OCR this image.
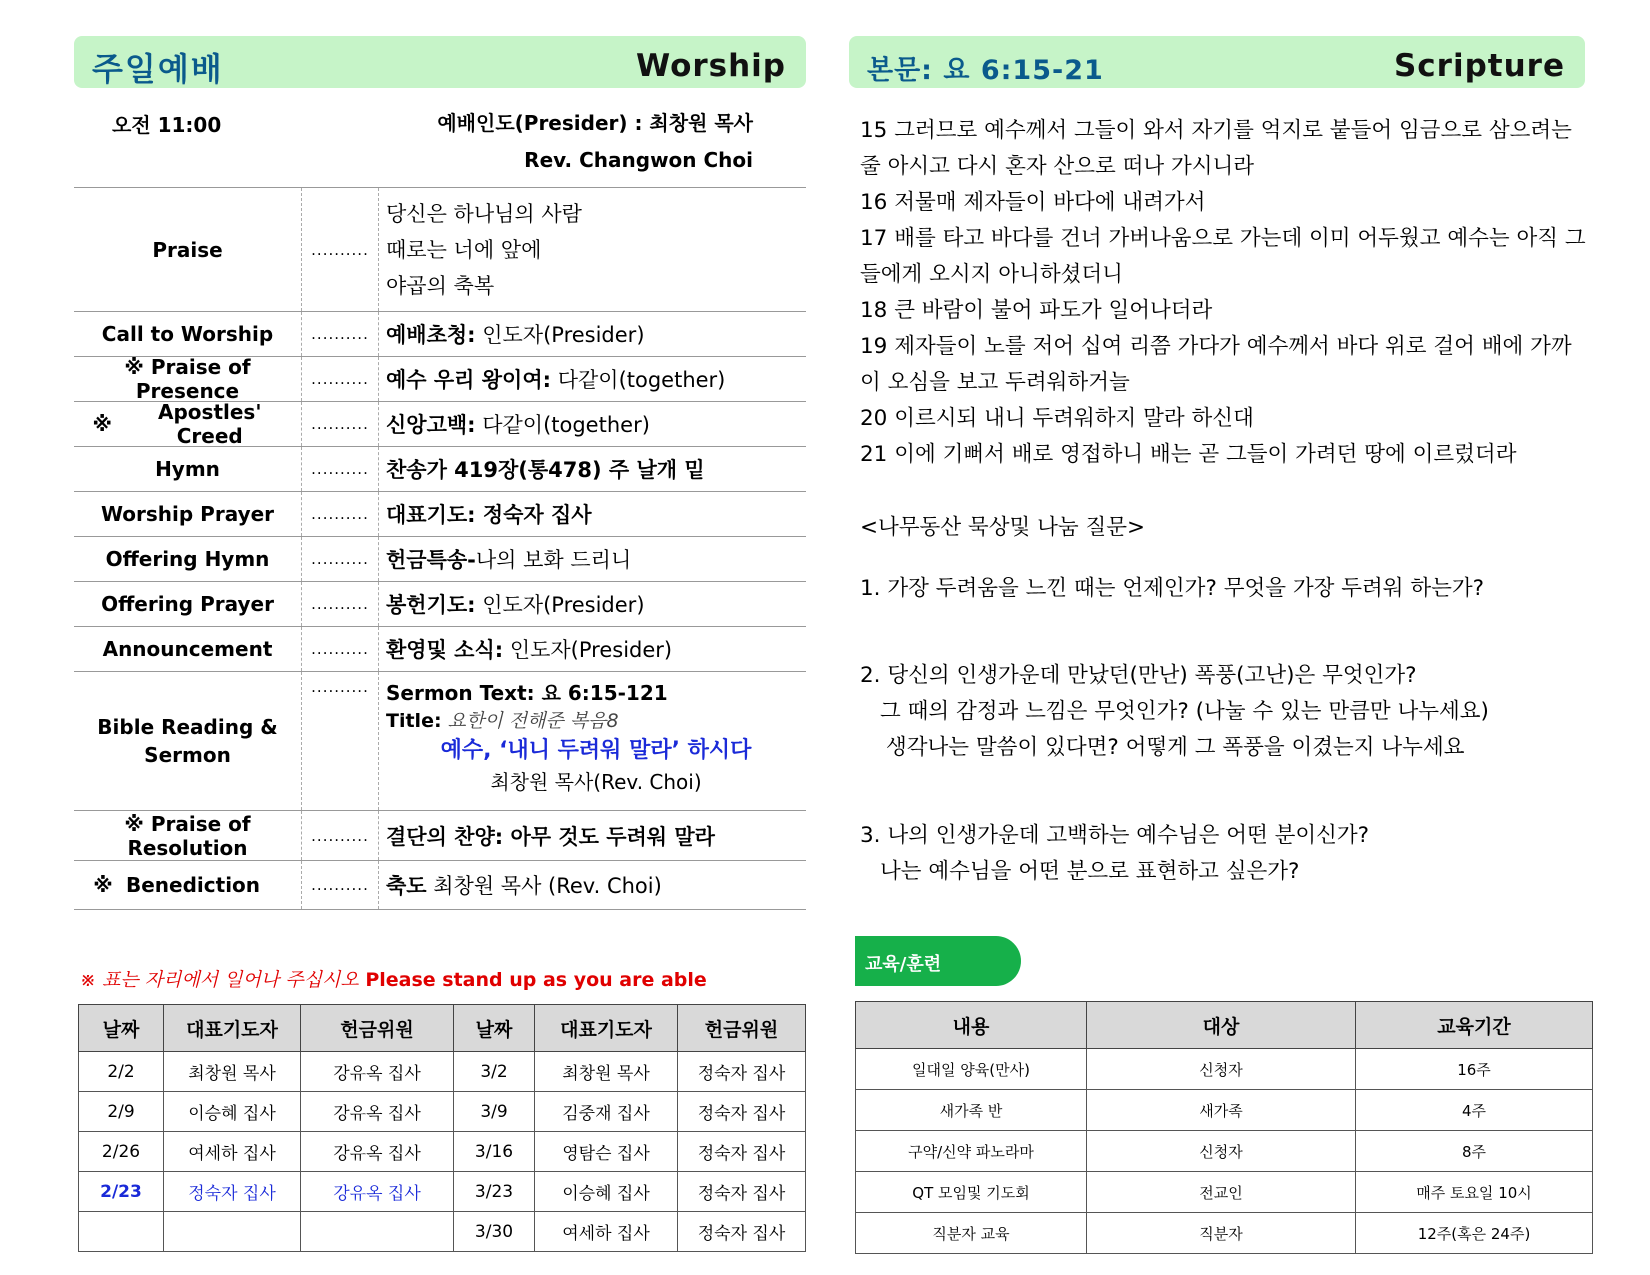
주일예배	Worship
오전 11:00	예배인도(Presider) : 최창원 목사
Rev. Changwon Choi
Praise	..........
당신은 하나님의 사람
때로는 너에 앞에
야곱의 축복
Call to Worship	.......... 예배초청: 인도자(Presider)
※ Praise of Presence	.......... 예수 우리 왕이여: 다같이(together)
※	Apostles' Creed	.......... 신앙고백: 다같이(together)
Hymn	.......... 찬송가 419장(통478) 주 날개 밑
Worship Prayer	.......... 대표기도: 정숙자 집사
Offering Hymn	.......... 헌금특송- 나의 보화 드리니
Offering Prayer	.......... 봉헌기도: 인도자(Presider)
Announcement	.......... 환영및 소식: 인도자(Presider)
Bible Reading & Sermon
.......... Sermon Text: 요 6:15-121
Title: 요한이 전해준 복음8
예수, ‘내니 두려워 말라’ 하시다
최창원 목사(Rev. Choi)
※ Praise of Resolution	.......... 결단의 찬양: 아무 것도 두려워 말라
※ Benediction	.......... 축도 최창원 목사 (Rev. Choi)
※ 표는 자리에서 일어나 주십시오 Please stand up as you are able
날짜	대표기도자	헌금위원	날짜	대표기도자	헌금위원
2/2	최창원 목사	강유옥 집사	3/2	최창원 목사	정숙자 집사
2/9	이승혜 집사	강유옥 집사	3/9	김중재 집사	정숙자 집사
2/26	여세하 집사	강유옥 집사	3/16	영탐슨 집사	정숙자 집사
2/23	정숙자 집사	강유옥 집사	3/23	이승혜 집사	정숙자 집사
			3/30	여세하 집사	정숙자 집사
본문: 요 6:15-21	Scripture
15 그러므로 예수께서 그들이 와서 자기를 억지로 붙들어 임금으로 삼으려는
줄 아시고 다시 혼자 산으로 떠나 가시니라
16 저물매 제자들이 바다에 내려가서
17 배를 타고 바다를 건너 가버나움으로 가는데 이미 어두웠고 예수는 아직 그
들에게 오시지 아니하셨더니
18 큰 바람이 불어 파도가 일어나더라
19 제자들이 노를 저어 십여 리쯤 가다가 예수께서 바다 위로 걸어 배에 가까
이 오심을 보고 두려워하거늘
20 이르시되 내니 두려워하지 말라 하신대
21 이에 기뻐서 배로 영접하니 배는 곧 그들이 가려던 땅에 이르렀더라
<나무동산 묵상및 나눔 질문>
1. 가장 두려움을 느낀 때는 언제인가? 무엇을 가장 두려워 하는가?
2. 당신의 인생가운데 만났던(만난) 폭풍(고난)은 무엇인가?
그 때의 감정과 느낌은 무엇인가? (나눌 수 있는 만큼만 나누세요)
생각나는 말씀이 있다면? 어떻게 그 폭풍을 이겼는지 나누세요
3. 나의 인생가운데 고백하는 예수님은 어떤 분이신가?
나는 예수님을 어떤 분으로 표현하고 싶은가?
교육/훈련
내용	대상	교육기간
일대일 양육(만사)	신청자	16주
새가족 반	새가족	4주
구약/신약 파노라마	신청자	8주
QT 모임및 기도회	전교인	매주 토요일 10시
직분자 교육	직분자	12주(혹은 24주)
